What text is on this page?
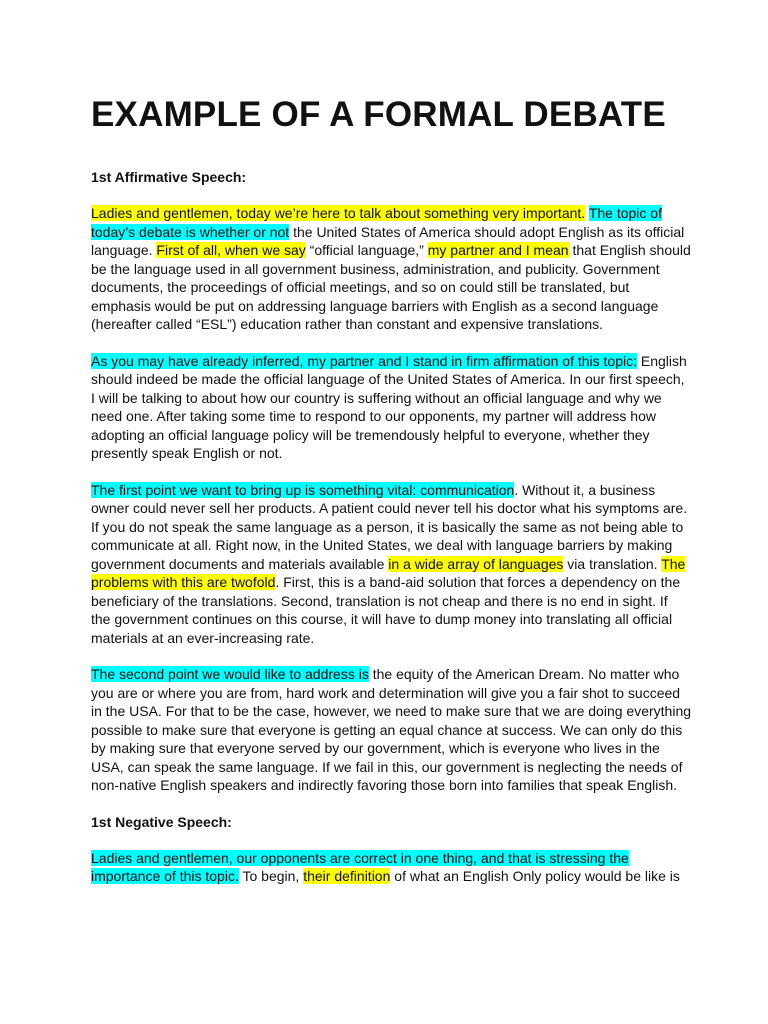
EXAMPLE OF A FORMAL DEBATE
1st Affirmative Speech:

Ladies and gentlemen, today we’re here to talk about something very important. The topic of today’s debate is whether or not the United States of America should adopt English as its official language. First of all, when we say “official language,” my partner and I mean that English should be the language used in all government business, administration, and publicity. Government documents, the proceedings of official meetings, and so on could still be translated, but emphasis would be put on addressing language barriers with English as a second language (hereafter called “ESL”) education rather than constant and expensive translations.

As you may have already inferred, my partner and I stand in firm affirmation of this topic: English should indeed be made the official language of the United States of America. In our first speech, I will be talking to about how our country is suffering without an official language and why we need one. After taking some time to respond to our opponents, my partner will address how adopting an official language policy will be tremendously helpful to everyone, whether they presently speak English or not.

The first point we want to bring up is something vital: communication. Without it, a business owner could never sell her products. A patient could never tell his doctor what his symptoms are. If you do not speak the same language as a person, it is basically the same as not being able to communicate at all. Right now, in the United States, we deal with language barriers by making government documents and materials available in a wide array of languages via translation. The problems with this are twofold. First, this is a band-aid solution that forces a dependency on the beneficiary of the translations. Second, translation is not cheap and there is no end in sight. If the government continues on this course, it will have to dump money into translating all official materials at an ever-increasing rate.

The second point we would like to address is the equity of the American Dream. No matter who you are or where you are from, hard work and determination will give you a fair shot to succeed in the USA. For that to be the case, however, we need to make sure that we are doing everything possible to make sure that everyone is getting an equal chance at success. We can only do this by making sure that everyone served by our government, which is everyone who lives in the USA, can speak the same language. If we fail in this, our government is neglecting the needs of non-native English speakers and indirectly favoring those born into families that speak English.

1st Negative Speech:

Ladies and gentlemen, our opponents are correct in one thing, and that is stressing the importance of this topic. To begin, their definition of what an English Only policy would be like is
